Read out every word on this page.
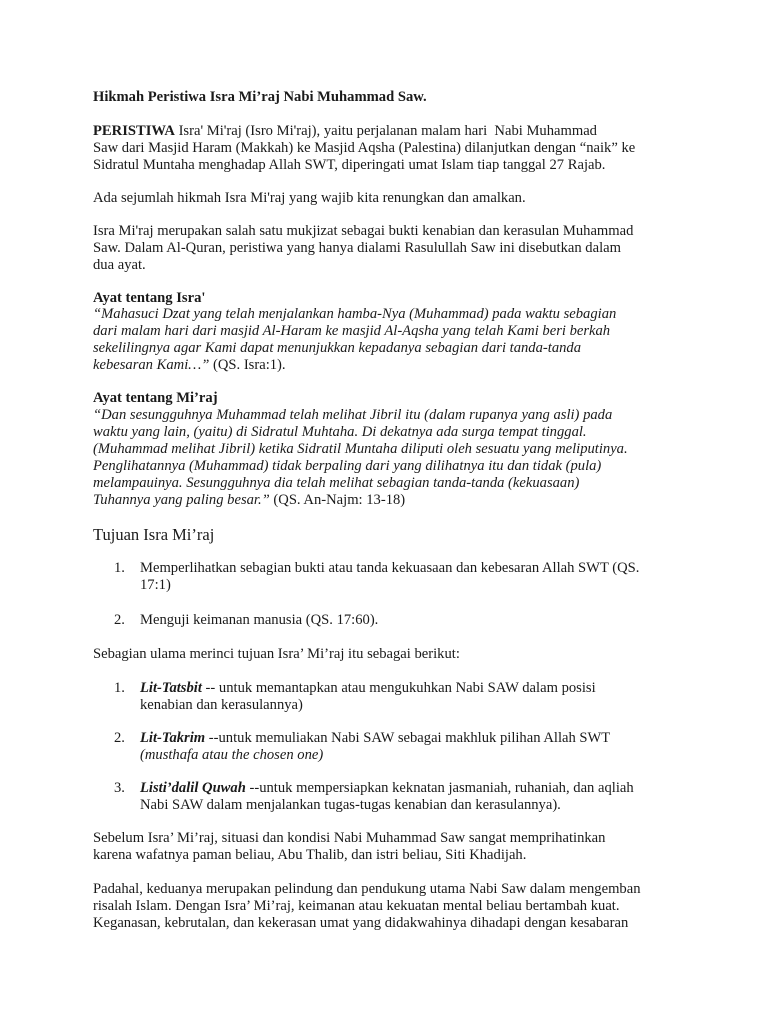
Hikmah Peristiwa Isra Mi’raj Nabi Muhammad Saw.

PERISTIWA Isra' Mi'raj (Isro Mi'raj), yaitu perjalanan malam hari  Nabi Muhammad
Saw dari Masjid Haram (Makkah) ke Masjid Aqsha (Palestina) dilanjutkan dengan “naik” ke
Sidratul Muntaha menghadap Allah SWT, diperingati umat Islam tiap tanggal 27 Rajab.

Ada sejumlah hikmah Isra Mi'raj yang wajib kita renungkan dan amalkan.

Isra Mi'raj merupakan salah satu mukjizat sebagai bukti kenabian dan kerasulan Muhammad
Saw. Dalam Al-Quran, peristiwa yang hanya dialami Rasulullah Saw ini disebutkan dalam
dua ayat.

Ayat tentang Isra'

“Mahasuci Dzat yang telah menjalankan hamba-Nya (Muhammad) pada waktu sebagian
dari malam hari dari masjid Al-Haram ke masjid Al-Aqsha yang telah Kami beri berkah
sekelilingnya agar Kami dapat menunjukkan kepadanya sebagian dari tanda-tanda
kebesaran Kami…” (QS. Isra:1).

Ayat tentang Mi’raj

“Dan sesungguhnya Muhammad telah melihat Jibril itu (dalam rupanya yang asli) pada
waktu yang lain, (yaitu) di Sidratul Muhtaha. Di dekatnya ada surga tempat tinggal.
(Muhammad melihat Jibril) ketika Sidratil Muntaha diliputi oleh sesuatu yang meliputinya.
Penglihatannya (Muhammad) tidak berpaling dari yang dilihatnya itu dan tidak (pula)
melampauinya. Sesungguhnya dia telah melihat sebagian tanda-tanda (kekuasaan)
Tuhannya yang paling besar.” (QS. An-Najm: 13-18)

Tujuan Isra Mi’raj

1. Memperlihatkan sebagian bukti atau tanda kekuasaan dan kebesaran Allah SWT (QS.
17:1)

2. Menguji keimanan manusia (QS. 17:60).

Sebagian ulama merinci tujuan Isra’ Mi’raj itu sebagai berikut:

1. Lit-Tatsbit -- untuk memantapkan atau mengukuhkan Nabi SAW dalam posisi
kenabian dan kerasulannya)

2. Lit-Takrim --untuk memuliakan Nabi SAW sebagai makhluk pilihan Allah SWT
(musthafa atau the chosen one)

3. Listi’dalil Quwah --untuk mempersiapkan keknatan jasmaniah, ruhaniah, dan aqliah
Nabi SAW dalam menjalankan tugas-tugas kenabian dan kerasulannya).

Sebelum Isra’ Mi’raj, situasi dan kondisi Nabi Muhammad Saw sangat memprihatinkan
karena wafatnya paman beliau, Abu Thalib, dan istri beliau, Siti Khadijah.

Padahal, keduanya merupakan pelindung dan pendukung utama Nabi Saw dalam mengemban
risalah Islam. Dengan Isra’ Mi’raj, keimanan atau kekuatan mental beliau bertambah kuat.
Keganasan, kebrutalan, dan kekerasan umat yang didakwahinya dihadapi dengan kesabaran
